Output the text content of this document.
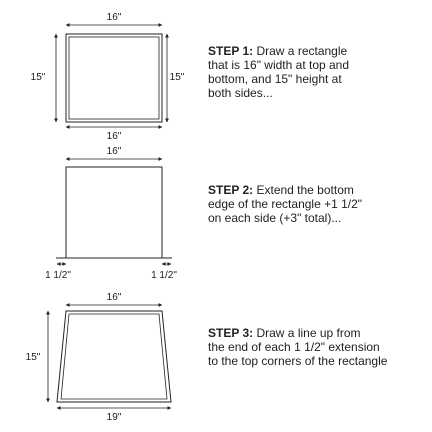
16"
16"
15"	15"
16"
1 1/2"	1 1/2"
16"
15"
19"

STEP 1: Draw a rectangle
that is 16" width at top and
bottom, and 15" height at
both sides...

STEP 2: Extend the bottom
edge of the rectangle +1 1/2"
on each side (+3" total)...

STEP 3: Draw a line up from
the end of each 1 1/2" extension
to the top corners of the rectangle
